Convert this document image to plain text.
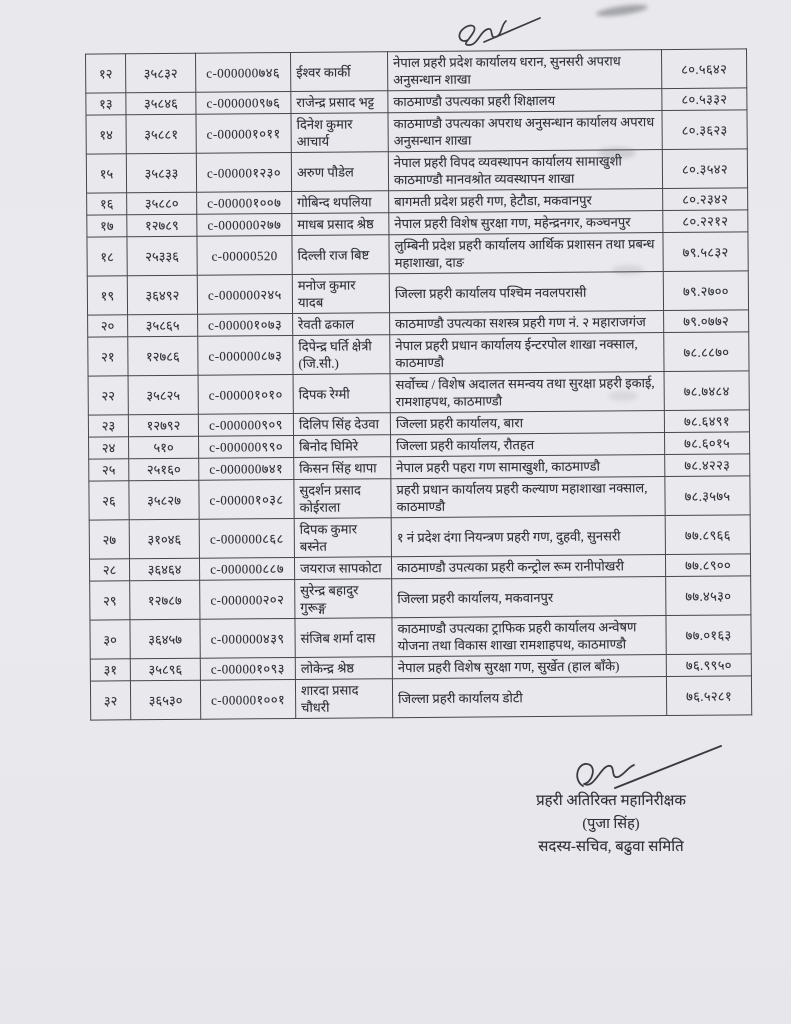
१२	३५८३२	c-000000७४६	ईश्वर कार्की	नेपाल प्रहरी प्रदेश कार्यालय धरान, सुनसरी अपराध अनुसन्धान शाखा	८०.५६४२
१३	३५८४६	c-000000९७६	राजेन्द्र प्रसाद भट्ट	काठमाण्डौ उपत्यका प्रहरी शिक्षालय	८०.५३३२
१४	३५८८१	c-00000१०११	दिनेश कुमार आचार्य	काठमाण्डौ उपत्यका अपराध अनुसन्धान कार्यालय अपराध अनुसन्धान शाखा	८०.३६२३
१५	३५८३३	c-00000१२३०	अरुण पौडेल	नेपाल प्रहरी विपद व्यवस्थापन कार्यालय सामाखुशी काठमाण्डौ मानवश्रोत व्यवस्थापन शाखा	८०.३५४२
१६	३५८८०	c-00000१००७	गोबिन्द थपलिया	बागमती प्रदेश प्रहरी गण, हेटौडा, मकवानपुर	८०.२३४२
१७	१२७८९	c-000000२७७	माधब प्रसाद श्रेष्ठ	नेपाल प्रहरी विशेष सुरक्षा गण, महेन्द्रनगर, कञ्चनपुर	८०.२२१२
१८	२५३३६	c-00000520	दिल्ली राज बिष्ट	लुम्बिनी प्रदेश प्रहरी कार्यालय आर्थिक प्रशासन तथा प्रबन्ध महाशाखा, दाङ	७९.५८३२
१९	३६४९२	c-000000२४५	मनोज कुमार यादब	जिल्ला प्रहरी कार्यालय पश्चिम नवलपरासी	७९.२७००
२०	३५८६५	c-00000१०७३	रेवती ढकाल	काठमाण्डौ उपत्यका सशस्त्र प्रहरी गण नं. २ महाराजगंज	७९.०७७२
२१	१२७८६	c-000000८७३	दिपेन्द्र घर्ति क्षेत्री (जि.सी.)	नेपाल प्रहरी प्रधान कार्यालय ईन्टरपोल शाखा नक्साल, काठमाण्डौ	७८.८८७०
२२	३५८२५	c-00000१०१०	दिपक रेग्मी	सर्वोच्च / विशेष अदालत समन्वय तथा सुरक्षा प्रहरी इकाई, रामशाहपथ, काठमाण्डौ	७८.७४८४
२३	१२७९२	c-000000९०९	दिलिप सिंह देउवा	जिल्ला प्रहरी कार्यालय, बारा	७८.६४९१
२४	५१०	c-000000९९०	बिनोद घिमिरे	जिल्ला प्रहरी कार्यालय, रौतहत	७८.६०१५
२५	२५१६०	c-000000७४१	किसन सिंह थापा	नेपाल प्रहरी पहरा गण सामाखुशी, काठमाण्डौ	७८.४२२३
२६	३५८२७	c-00000१०३८	सुदर्शन प्रसाद कोईराला	प्रहरी प्रधान कार्यालय प्रहरी कल्याण महाशाखा नक्साल, काठमाण्डौ	७८.३५७५
२७	३१०४६	c-000000८६८	दिपक कुमार बस्नेत	१ नं प्रदेश दंगा नियन्त्रण प्रहरी गण, दुहवी, सुनसरी	७७.८९६६
२८	३६४६४	c-000000८८७	जयराज सापकोटा	काठमाण्डौ उपत्यका प्रहरी कन्ट्रोल रूम रानीपोखरी	७७.८९००
२९	१२७८७	c-000000२०२	सुरेन्द्र बहादुर गुरूङ्ग	जिल्ला प्रहरी कार्यालय, मकवानपुर	७७.४५३०
३०	३६४५७	c-000000४३९	संजिब शर्मा दास	काठमाण्डौ उपत्यका ट्राफिक प्रहरी कार्यालय अन्वेषण योजना तथा विकास शाखा रामशाहपथ, काठमाण्डौ	७७.०१६३
३१	३५८९६	c-00000१०९३	लोकेन्द्र श्रेष्ठ	नेपाल प्रहरी विशेष सुरक्षा गण, सुर्खेत (हाल बाँके)	७६.९९५०
३२	३६५३०	c-00000१००१	शारदा प्रसाद चौधरी	जिल्ला प्रहरी कार्यालय डोटी	७६.५२८१
प्रहरी अतिरिक्त महानिरीक्षक
(पुजा सिंह)
सदस्य-सचिव, बढुवा समिति
